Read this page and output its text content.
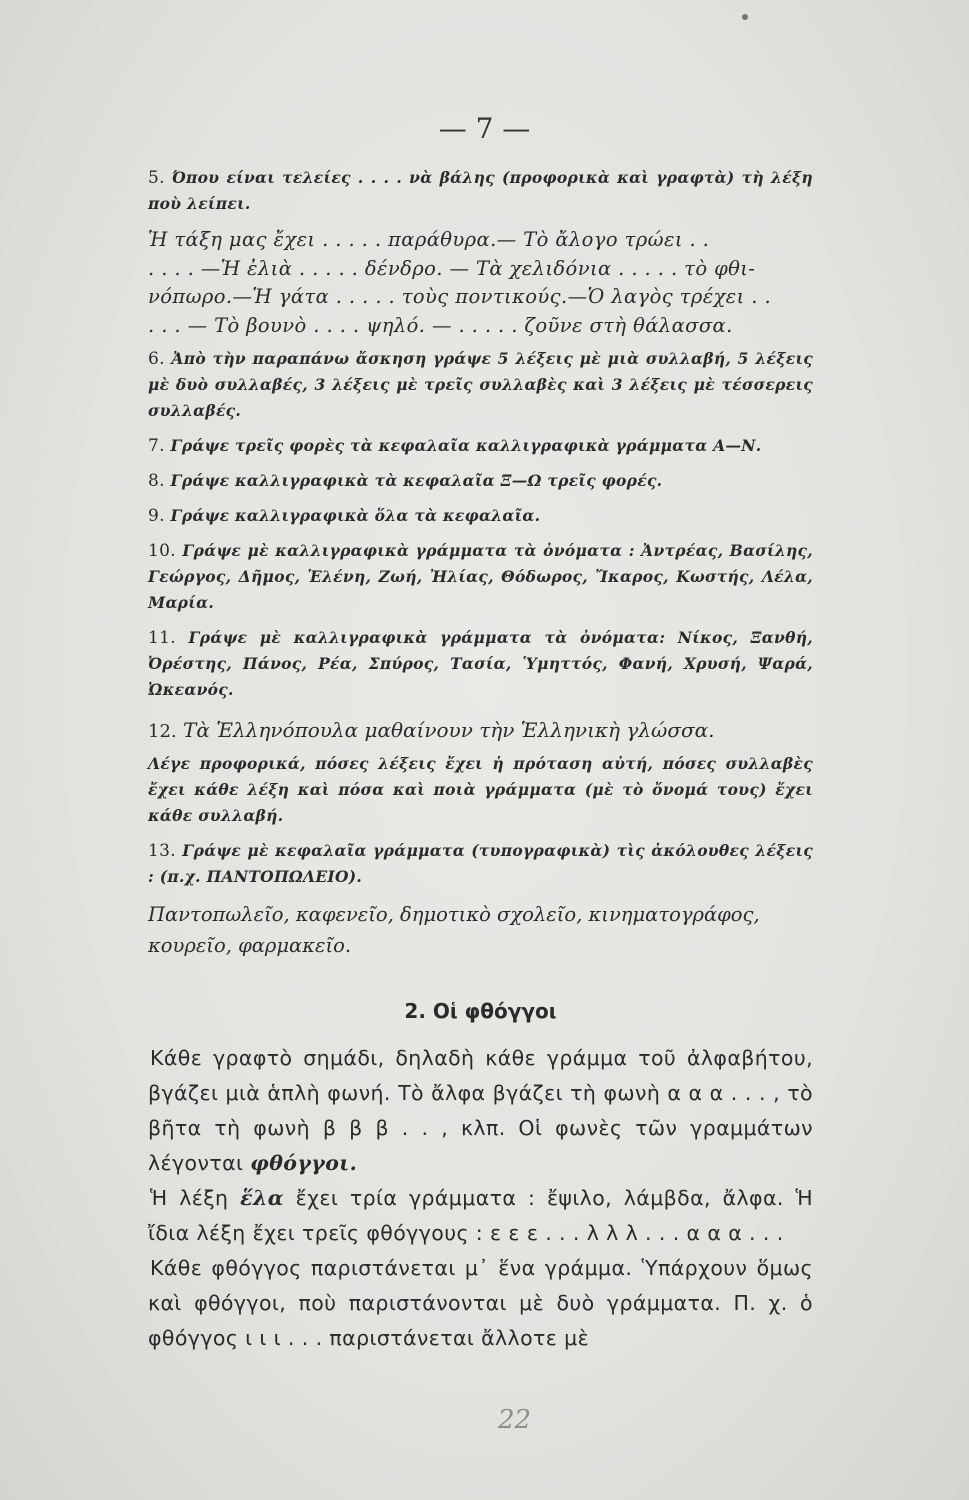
— 7 —

5. Όπου είναι τελείες . . . . νὰ βάλης (προφορικὰ καὶ γραφτὰ) τὴ λέξη ποὺ λείπει.

Ἡ τάξη μας ἔχει . . . . . παράθυρα.— Τὸ ἄλογο τρώει . .
. . . . —Ἡ ἐλιὰ . . . . . δένδρο. — Τὰ χελιδόνια . . . . . τὸ φθι-
νόπωρο.—Ἡ γάτα . . . . . τοὺς ποντικούς.—Ὁ λαγὸς τρέχει . .
. . . — Τὸ βουνὸ . . . . ψηλό. — . . . . . ζοῦνε στὴ θάλασσα.

6. Ἀπὸ τὴν παραπάνω ἄσκηση γράψε 5 λέξεις μὲ μιὰ συλλαβή, 5 λέξεις μὲ δυὸ συλλαβές, 3 λέξεις μὲ τρεῖς συλλαβὲς καὶ 3 λέξεις μὲ τέσσερεις συλλαβές.

7. Γράψε τρεῖς φορὲς τὰ κεφαλαῖα καλλιγραφικὰ γράμματα Α—Ν.

8. Γράψε καλλιγραφικὰ τὰ κεφαλαῖα Ξ—Ω τρεῖς φορές.

9. Γράψε καλλιγραφικὰ ὅλα τὰ κεφαλαῖα.

10. Γράψε μὲ καλλιγραφικὰ γράμματα τὰ ὀνόματα : Ἀντρέας, Βασίλης, Γεώργος, Δῆμος, Ἑλένη, Ζωή, Ἠλίας, Θόδωρος, Ἴκαρος, Κωστής, Λέλα, Μαρία.

11. Γράψε μὲ καλλιγραφικὰ γράμματα τὰ ὀνόματα: Νίκος, Ξανθή, Ὀρέστης, Πάνος, Ρέα, Σπύρος, Τασία, Ὑμηττός, Φανή, Χρυσή, Ψαρά, Ὠκεανός.

12. Τὰ Ἑλληνόπουλα μαθαίνουν τὴν Ἑλληνικὴ γλώσσα.

Λέγε προφορικά, πόσες λέξεις ἔχει ἡ πρόταση αὐτή, πόσες συλλαβὲς ἔχει κάθε λέξη καὶ πόσα καὶ ποιὰ γράμματα (μὲ τὸ ὄνομά τους) ἔχει κάθε συλλαβή.

13. Γράψε μὲ κεφαλαῖα γράμματα (τυπογραφικὰ) τὶς ἀκόλουθες λέξεις : (π.χ. ΠΑΝΤΟΠΩΛΕΙΟ).

Παντοπωλεῖο, καφενεῖο, δημοτικὸ σχολεῖο, κινηματογράφος, κουρεῖο, φαρμακεῖο.

2. Οἱ φθόγγοι

Κάθε γραφτὸ σημάδι, δηλαδὴ κάθε γράμμα τοῦ ἀλφαβήτου, βγάζει μιὰ ἁπλὴ φωνή. Τὸ ἄλφα βγάζει τὴ φωνὴ α α α . . . , τὸ βῆτα τὴ φωνὴ β β β . . , κλπ. Οἱ φωνὲς τῶν γραμμάτων λέγονται φθόγγοι.

Ἡ λέξη ἕλα ἔχει τρία γράμματα : ἔψιλο, λάμβδα, ἄλφα. Ἡ ἴδια λέξη ἔχει τρεῖς φθόγγους : ε ε ε . . . λ λ λ . . . α α α . . .

Κάθε φθόγγος παριστάνεται μ᾿ ἕνα γράμμα. Ὑπάρχουν ὅμως καὶ φθόγγοι, ποὺ παριστάνονται μὲ δυὸ γράμματα. Π. χ. ὁ φθόγγος ι ι ι . . . παριστάνεται ἄλλοτε μὲ

22
